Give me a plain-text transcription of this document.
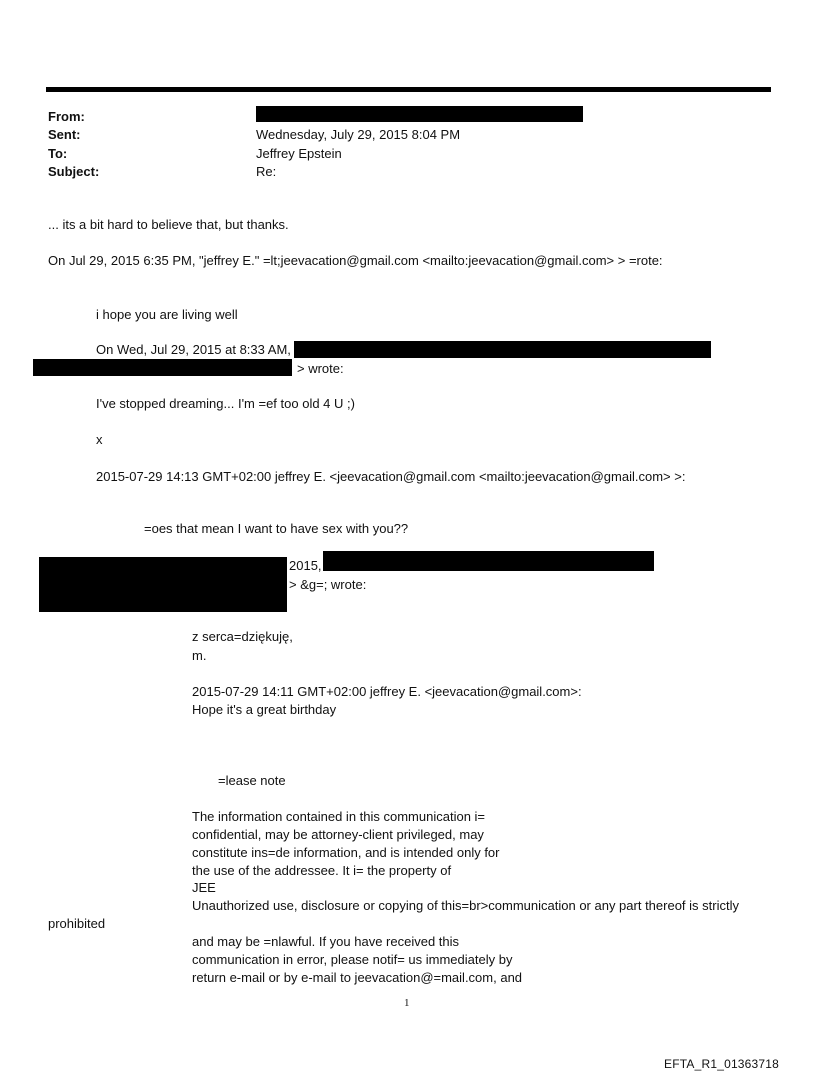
From:
Sent:	Wednesday, July 29, 2015 8:04 PM
To:	Jeffrey Epstein
Subject:	Re:
... its a bit hard to believe that, but thanks.
On Jul 29, 2015 6:35 PM, "jeffrey E." =lt;jeevacation@gmail.com <mailto:jeevacation@gmail.com> > =rote:
i hope you are living well
On Wed, Jul 29, 2015 at 8:33 AM,
> wrote:
I've stopped dreaming... I'm =ef too old 4 U ;)
x
2015-07-29 14:13 GMT+02:00 jeffrey E. <jeevacation@gmail.com <mailto:jeevacation@gmail.com> >:
=oes that mean I want to have sex with you??
2015,
> &g=; wrote:
z serca=dziękuję,
m.
2015-07-29 14:11 GMT+02:00 jeffrey E. <jeevacation@gmail.com>:
Hope it's a great birthday
=lease note
The information contained in this communication i=
confidential, may be attorney-client privileged, may
constitute ins=de information, and is intended only for
the use of the addressee. It i= the property of
JEE
Unauthorized use, disclosure or copying of this=br>communication or any part thereof is strictly
prohibited
and may be =nlawful. If you have received this
communication in error, please notif= us immediately by
return e-mail or by e-mail to jeevacation@=mail.com, and
1
EFTA_R1_01363718
